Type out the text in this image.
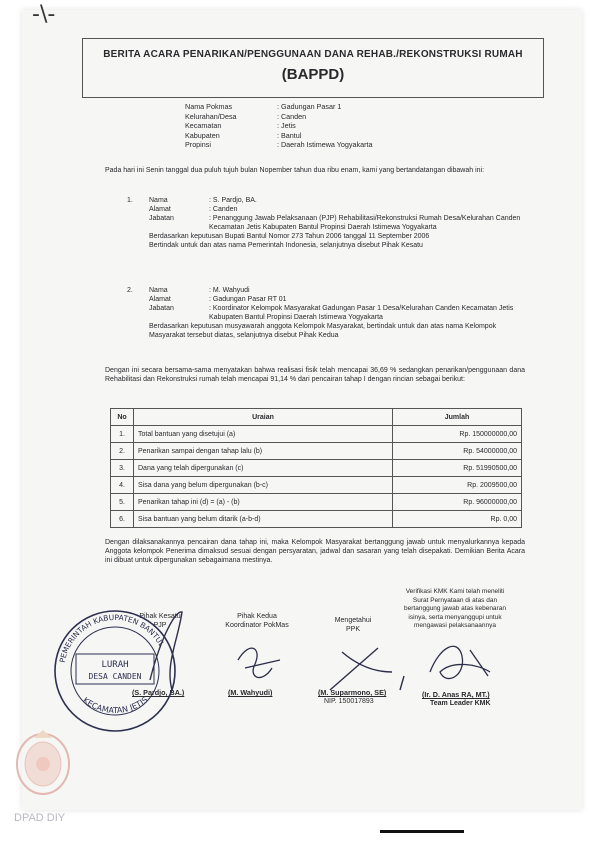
-\-
BERITA ACARA PENARIKAN/PENGGUNAAN DANA REHAB./REKONSTRUKSI RUMAH
(BAPPD)
Nama Pokmas	: Gadungan Pasar 1
Kelurahan/Desa	: Canden
Kecamatan	: Jetis
Kabupaten	: Bantul
Propinsi	: Daerah Istimewa Yogyakarta
Pada hari ini Senin tanggal dua puluh tujuh bulan Nopember tahun dua ribu enam, kami yang bertandatangan dibawah ini:
1.	Nama	: S. Pardjo, BA.
Alamat	: Canden
Jabatan	: Penanggung Jawab Pelaksanaan (PJP) Rehabilitasi/Rekonstruksi Rumah Desa/Kelurahan Canden Kecamatan Jetis Kabupaten Bantul Propinsi Daerah Istimewa Yogyakarta
Berdasarkan keputusan Bupati Bantul Nomor 273 Tahun 2006 tanggal 11 September 2006
Bertindak untuk dan atas nama Pemerintah Indonesia, selanjutnya disebut Pihak Kesatu
2.	Nama	: M. Wahyudi
Alamat	: Gadungan Pasar RT 01
Jabatan	: Koordinator Kelompok Masyarakat Gadungan Pasar 1 Desa/Kelurahan Canden Kecamatan Jetis Kabupaten Bantul Propinsi Daerah Istimewa Yogyakarta
Berdasarkan keputusan musyawarah anggota Kelompok Masyarakat, bertindak untuk dan atas nama Kelompok Masyarakat tersebut diatas, selanjutnya disebut Pihak Kedua
Dengan ini secara bersama-sama menyatakan bahwa realisasi fisik telah mencapai 36,69 % sedangkan penarikan/penggunaan dana Rehabilitasi dan Rekonstruksi rumah telah mencapai 91,14 % dari pencairan tahap I dengan rincian sebagai berikut:
No	Uraian	Jumlah
1.	Total bantuan yang disetujui (a)	Rp. 150000000,00
2.	Penarikan sampai dengan tahap lalu (b)	Rp. 54000000,00
3.	Dana yang telah dipergunakan (c)	Rp. 51990500,00
4.	Sisa dana yang belum dipergunakan (b-c)	Rp. 2009500,00
5.	Penarikan tahap ini (d) = (a) - (b)	Rp. 96000000,00
6.	Sisa bantuan yang belum ditarik (a-b-d)	Rp. 0,00
Dengan dilaksanakannya pencairan dana tahap ini, maka Kelompok Masyarakat bertanggung jawab untuk menyalurkannya kepada Anggota kelompok Penerima dimaksud sesuai dengan persyaratan, jadwal dan sasaran yang telah disepakati. Demikian Berita Acara ini dibuat untuk dipergunakan sebagaimana mestinya.
Verifikasi KMK Kami telah meneliti Surat Pernyataan di atas dan bertanggung jawab atas kebenaran isinya, serta menyanggupi untuk mengawasi pelaksanaannya
Pihak Kesatu
PJP
Pihak Kedua
Koordinator PokMas
Mengetahui
PPK
(S. Pardjo, BA.)	(M. Wahyudi)	(M. Suparmono, SE)
NIP. 150017893
(Ir. D. Anas RA, MT.)
Team Leader KMK
PEMERINTAH KABUPATEN BANTUL
KECAMATAN JETIS
LURAH
DESA CANDEN
DPAD DIY
